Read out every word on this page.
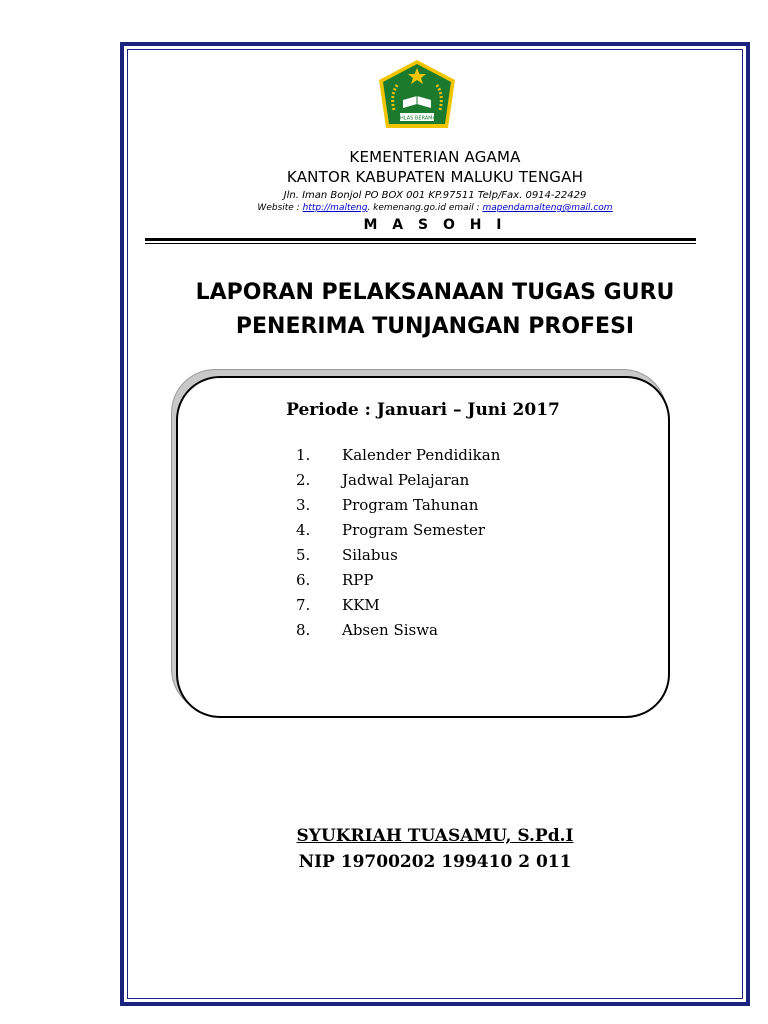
IKHLAS BERAMAL
KEMENTERIAN AGAMA
KANTOR KABUPATEN MALUKU TENGAH
Jln. Iman Bonjol PO BOX 001 KP.97511 Telp/Fax. 0914-22429
Website : http://malteng. kemenang.go.id email : mapendamalteng@mail.com
M A S O H I
LAPORAN PELAKSANAAN TUGAS GURU
PENERIMA TUNJANGAN PROFESI
Periode : Januari – Juni 2017
1. Kalender Pendidikan
2. Jadwal Pelajaran
3. Program Tahunan
4. Program Semester
5. Silabus
6. RPP
7. KKM
8. Absen Siswa
SYUKRIAH TUASAMU, S.Pd.I
NIP 19700202 199410 2 011
